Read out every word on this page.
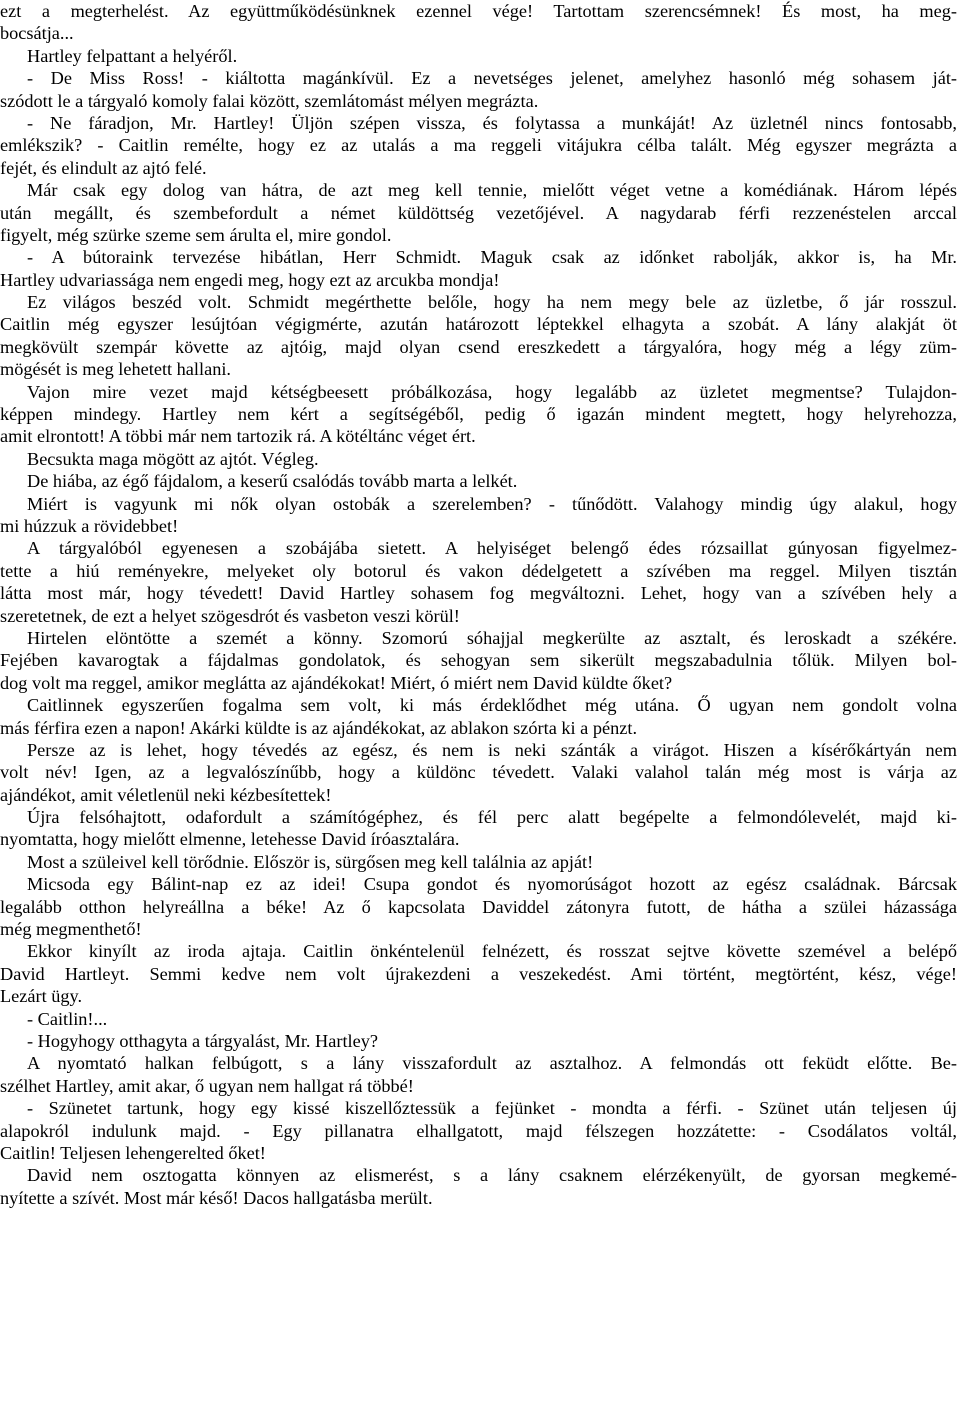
ezt a megterhelést. Az együttműködésünknek ezennel vége! Tartottam szerencsémnek! És most, ha meg-
bocsátja...
Hartley felpattant a helyéről.
- De Miss Ross! - kiáltotta magánkívül. Ez a nevetséges jelenet, amelyhez hasonló még sohasem ját-
szódott le a tárgyaló komoly falai között, szemlátomást mélyen megrázta.
- Ne fáradjon, Mr. Hartley! Üljön szépen vissza, és folytassa a munkáját! Az üzletnél nincs fontosabb,
emlékszik? - Caitlin remélte, hogy ez az utalás a ma reggeli vitájukra célba talált. Még egyszer megrázta a
fejét, és elindult az ajtó felé.
Már csak egy dolog van hátra, de azt meg kell tennie, mielőtt véget vetne a komédiának. Három lépés
után megállt, és szembefordult a német küldöttség vezetőjével. A nagydarab férfi rezzenéstelen arccal
figyelt, még szürke szeme sem árulta el, mire gondol.
- A bútoraink tervezése hibátlan, Herr Schmidt. Maguk csak az időnket rabolják, akkor is, ha Mr.
Hartley udvariassága nem engedi meg, hogy ezt az arcukba mondja!
Ez világos beszéd volt. Schmidt megérthette belőle, hogy ha nem megy bele az üzletbe, ő jár rosszul.
Caitlin még egyszer lesújtóan végigmérte, azután határozott léptekkel elhagyta a szobát. A lány alakját öt
megkövült szempár követte az ajtóig, majd olyan csend ereszkedett a tárgyalóra, hogy még a légy züm-
mögését is meg lehetett hallani.
Vajon mire vezet majd kétségbeesett próbálkozása, hogy legalább az üzletet megmentse? Tulajdon-
képpen mindegy. Hartley nem kért a segítségéből, pedig ő igazán mindent megtett, hogy helyrehozza,
amit elrontott! A többi már nem tartozik rá. A kötéltánc véget ért.
Becsukta maga mögött az ajtót. Végleg.
De hiába, az égő fájdalom, a keserű csalódás tovább marta a lelkét.
Miért is vagyunk mi nők olyan ostobák a szerelemben? - tűnődött. Valahogy mindig úgy alakul, hogy
mi húzzuk a rövidebbet!
A tárgyalóból egyenesen a szobájába sietett. A helyiséget belengő édes rózsaillat gúnyosan figyelmez-
tette a hiú reményekre, melyeket oly botorul és vakon dédelgetett a szívében ma reggel. Milyen tisztán
látta most már, hogy tévedett! David Hartley sohasem fog megváltozni. Lehet, hogy van a szívében hely a
szeretetnek, de ezt a helyet szögesdrót és vasbeton veszi körül!
Hirtelen elöntötte a szemét a könny. Szomorú sóhajjal megkerülte az asztalt, és leroskadt a székére.
Fejében kavarogtak a fájdalmas gondolatok, és sehogyan sem sikerült megszabadulnia tőlük. Milyen bol-
dog volt ma reggel, amikor meglátta az ajándékokat! Miért, ó miért nem David küldte őket?
Caitlinnek egyszerűen fogalma sem volt, ki más érdeklődhet még utána. Ő ugyan nem gondolt volna
más férfira ezen a napon! Akárki küldte is az ajándékokat, az ablakon szórta ki a pénzt.
Persze az is lehet, hogy tévedés az egész, és nem is neki szánták a virágot. Hiszen a kísérőkártyán nem
volt név! Igen, az a legvalószínűbb, hogy a küldönc tévedett. Valaki valahol talán még most is várja az
ajándékot, amit véletlenül neki kézbesítettek!
Újra felsóhajtott, odafordult a számítógéphez, és fél perc alatt begépelte a felmondólevelét, majd ki-
nyomtatta, hogy mielőtt elmenne, letehesse David íróasztalára.
Most a szüleivel kell törődnie. Először is, sürgősen meg kell találnia az apját!
Micsoda egy Bálint-nap ez az idei! Csupa gondot és nyomorúságot hozott az egész családnak. Bárcsak
legalább otthon helyreállna a béke! Az ő kapcsolata Daviddel zátonyra futott, de hátha a szülei házassága
még megmenthető!
Ekkor kinyílt az iroda ajtaja. Caitlin önkéntelenül felnézett, és rosszat sejtve követte szemével a belépő
David Hartleyt. Semmi kedve nem volt újrakezdeni a veszekedést. Ami történt, megtörtént, kész, vége!
Lezárt ügy.
- Caitlin!...
- Hogyhogy otthagyta a tárgyalást, Mr. Hartley?
A nyomtató halkan felbúgott, s a lány visszafordult az asztalhoz. A felmondás ott feküdt előtte. Be-
szélhet Hartley, amit akar, ő ugyan nem hallgat rá többé!
- Szünetet tartunk, hogy egy kissé kiszellőztessük a fejünket - mondta a férfi. - Szünet után teljesen új
alapokról indulunk majd. - Egy pillanatra elhallgatott, majd félszegen hozzátette: - Csodálatos voltál,
Caitlin! Teljesen lehengerelted őket!
David nem osztogatta könnyen az elismerést, s a lány csaknem elérzékenyült, de gyorsan megkemé-
nyítette a szívét. Most már késő! Dacos hallgatásba merült.
